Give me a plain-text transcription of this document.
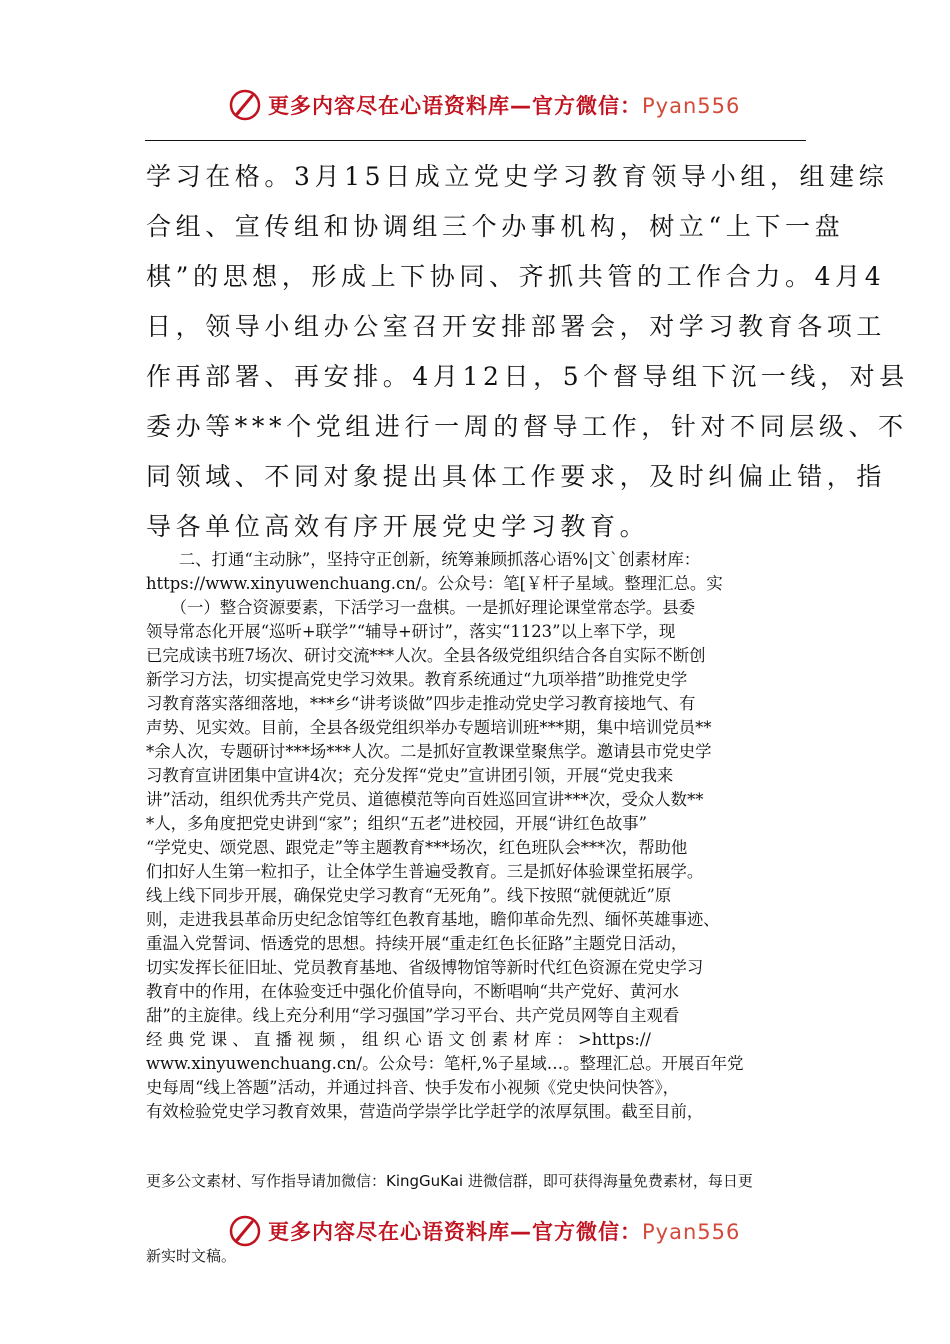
更多内容尽在心语资料库—官方微信：Pyan556

学习在格。3月15日成立党史学习教育领导小组，组建综

合组、宣传组和协调组三个办事机构，树立“上下一盘

棋”的思想，形成上下协同、齐抓共管的工作合力。4月4

日，领导小组办公室召开安排部署会，对学习教育各项工

作再部署、再安排。4月12日，5个督导组下沉一线，对县

委办等***个党组进行一周的督导工作，针对不同层级、不

同领域、不同对象提出具体工作要求，及时纠偏止错，指

导各单位高效有序开展党史学习教育。

　　二、打通“主动脉”，坚持守正创新，统筹兼顾抓落心语%|文`创素材库：

https://www.xinyuwenchuang.cn/。公众号：笔[￥杆子星域。整理汇总。实

　　（一）整合资源要素，下活学习一盘棋。一是抓好理论课堂常态学。县委

领导常态化开展“巡听+联学”“辅导+研讨”，落实“1123”以上率下学，现

已完成读书班7场次、研讨交流***人次。全县各级党组织结合各自实际不断创

新学习方法，切实提高党史学习效果。教育系统通过“九项举措”助推党史学

习教育落实落细落地，***乡“讲考谈做”四步走推动党史学习教育接地气、有

声势、见实效。目前，全县各级党组织举办专题培训班***期，集中培训党员**

*余人次，专题研讨***场***人次。二是抓好宣教课堂聚焦学。邀请县市党史学

习教育宣讲团集中宣讲4次；充分发挥“党史”宣讲团引领，开展“党史我来

讲”活动，组织优秀共产党员、道德模范等向百姓巡回宣讲***次，受众人数**

*人，多角度把党史讲到“家”；组织“五老”进校园，开展“讲红色故事”

“学党史、颂党恩、跟党走”等主题教育***场次，红色班队会***次，帮助他

们扣好人生第一粒扣子，让全体学生普遍受教育。三是抓好体验课堂拓展学。

线上线下同步开展，确保党史学习教育“无死角”。线下按照“就便就近”原

则，走进我县革命历史纪念馆等红色教育基地，瞻仰革命先烈、缅怀英雄事迹、

重温入党誓词、悟透党的思想。持续开展“重走红色长征路”主题党日活动，

切实发挥长征旧址、党员教育基地、省级博物馆等新时代红色资源在党史学习

教育中的作用，在体验变迁中强化价值导向，不断唱响“共产党好、黄河水

甜”的主旋律。线上充分利用“学习强国”学习平台、共产党员网等自主观看

经 典 党 课 、 直 播 视 频 ， 组 织 心 语 文 创 素 材 库 ： >https://

www.xinyuwenchuang.cn/。公众号：笔杆,%子星域…。整理汇总。开展百年党

史每周“线上答题”活动，并通过抖音、快手发布小视频《党史快问快答》，

有效检验党史学习教育效果，营造尚学崇学比学赶学的浓厚氛围。截至目前，

更多公文素材、写作指导请加微信：KingGuKai 进微信群，即可获得海量免费素材，每日更
更多内容尽在心语资料库—官方微信：Pyan556
新实时文稿。
